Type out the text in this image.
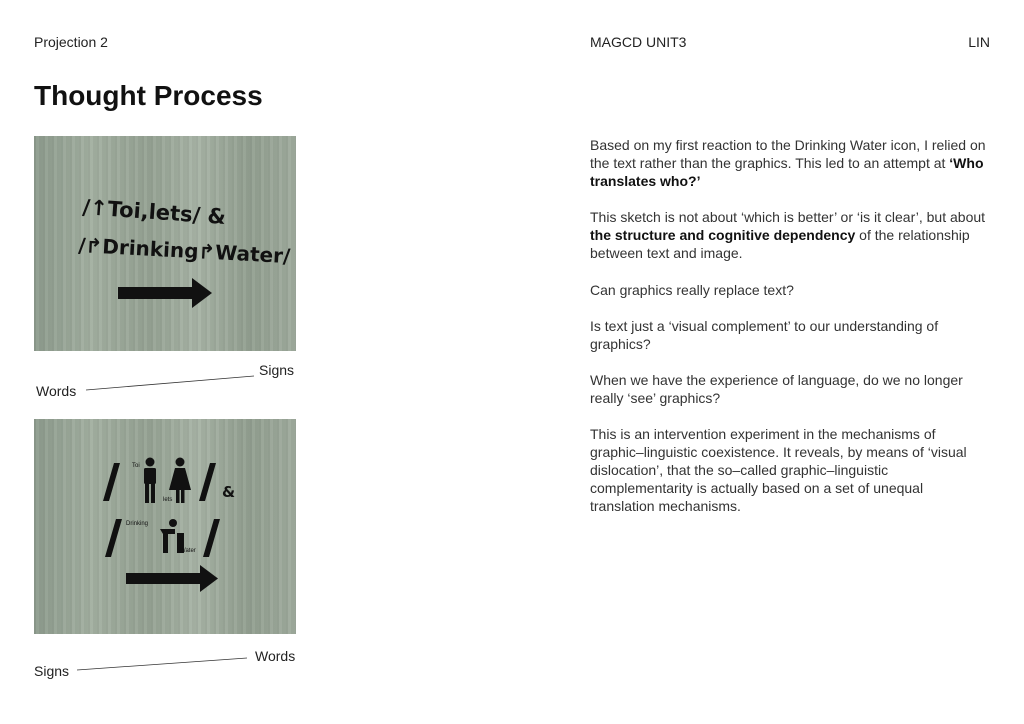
Projection 2	MAGCD UNIT3	LIN
Thought Process
/↑Toi,lets/ &
/↱Drinking↱Water/
Words
Signs
Toi
lets	&
Drinking
Water
Signs
Words

Based on my first reaction to the Drinking Water icon, I relied on the text rather than the graphics. This led to an attempt at ‘Who translates who?’

This sketch is not about ‘which is better’ or ‘is it clear’, but about the structure and cognitive dependency of the relationship between text and image.

Can graphics really replace text?

Is text just a ‘visual complement’ to our understanding of graphics?

When we have the experience of language, do we no longer really ‘see’ graphics?

This is an intervention experiment in the mechanisms of graphic–linguistic coexistence. It reveals, by means of ‘visual dislocation’, that the so–called graphic–linguistic complementarity is actually based on a set of unequal translation mechanisms.
